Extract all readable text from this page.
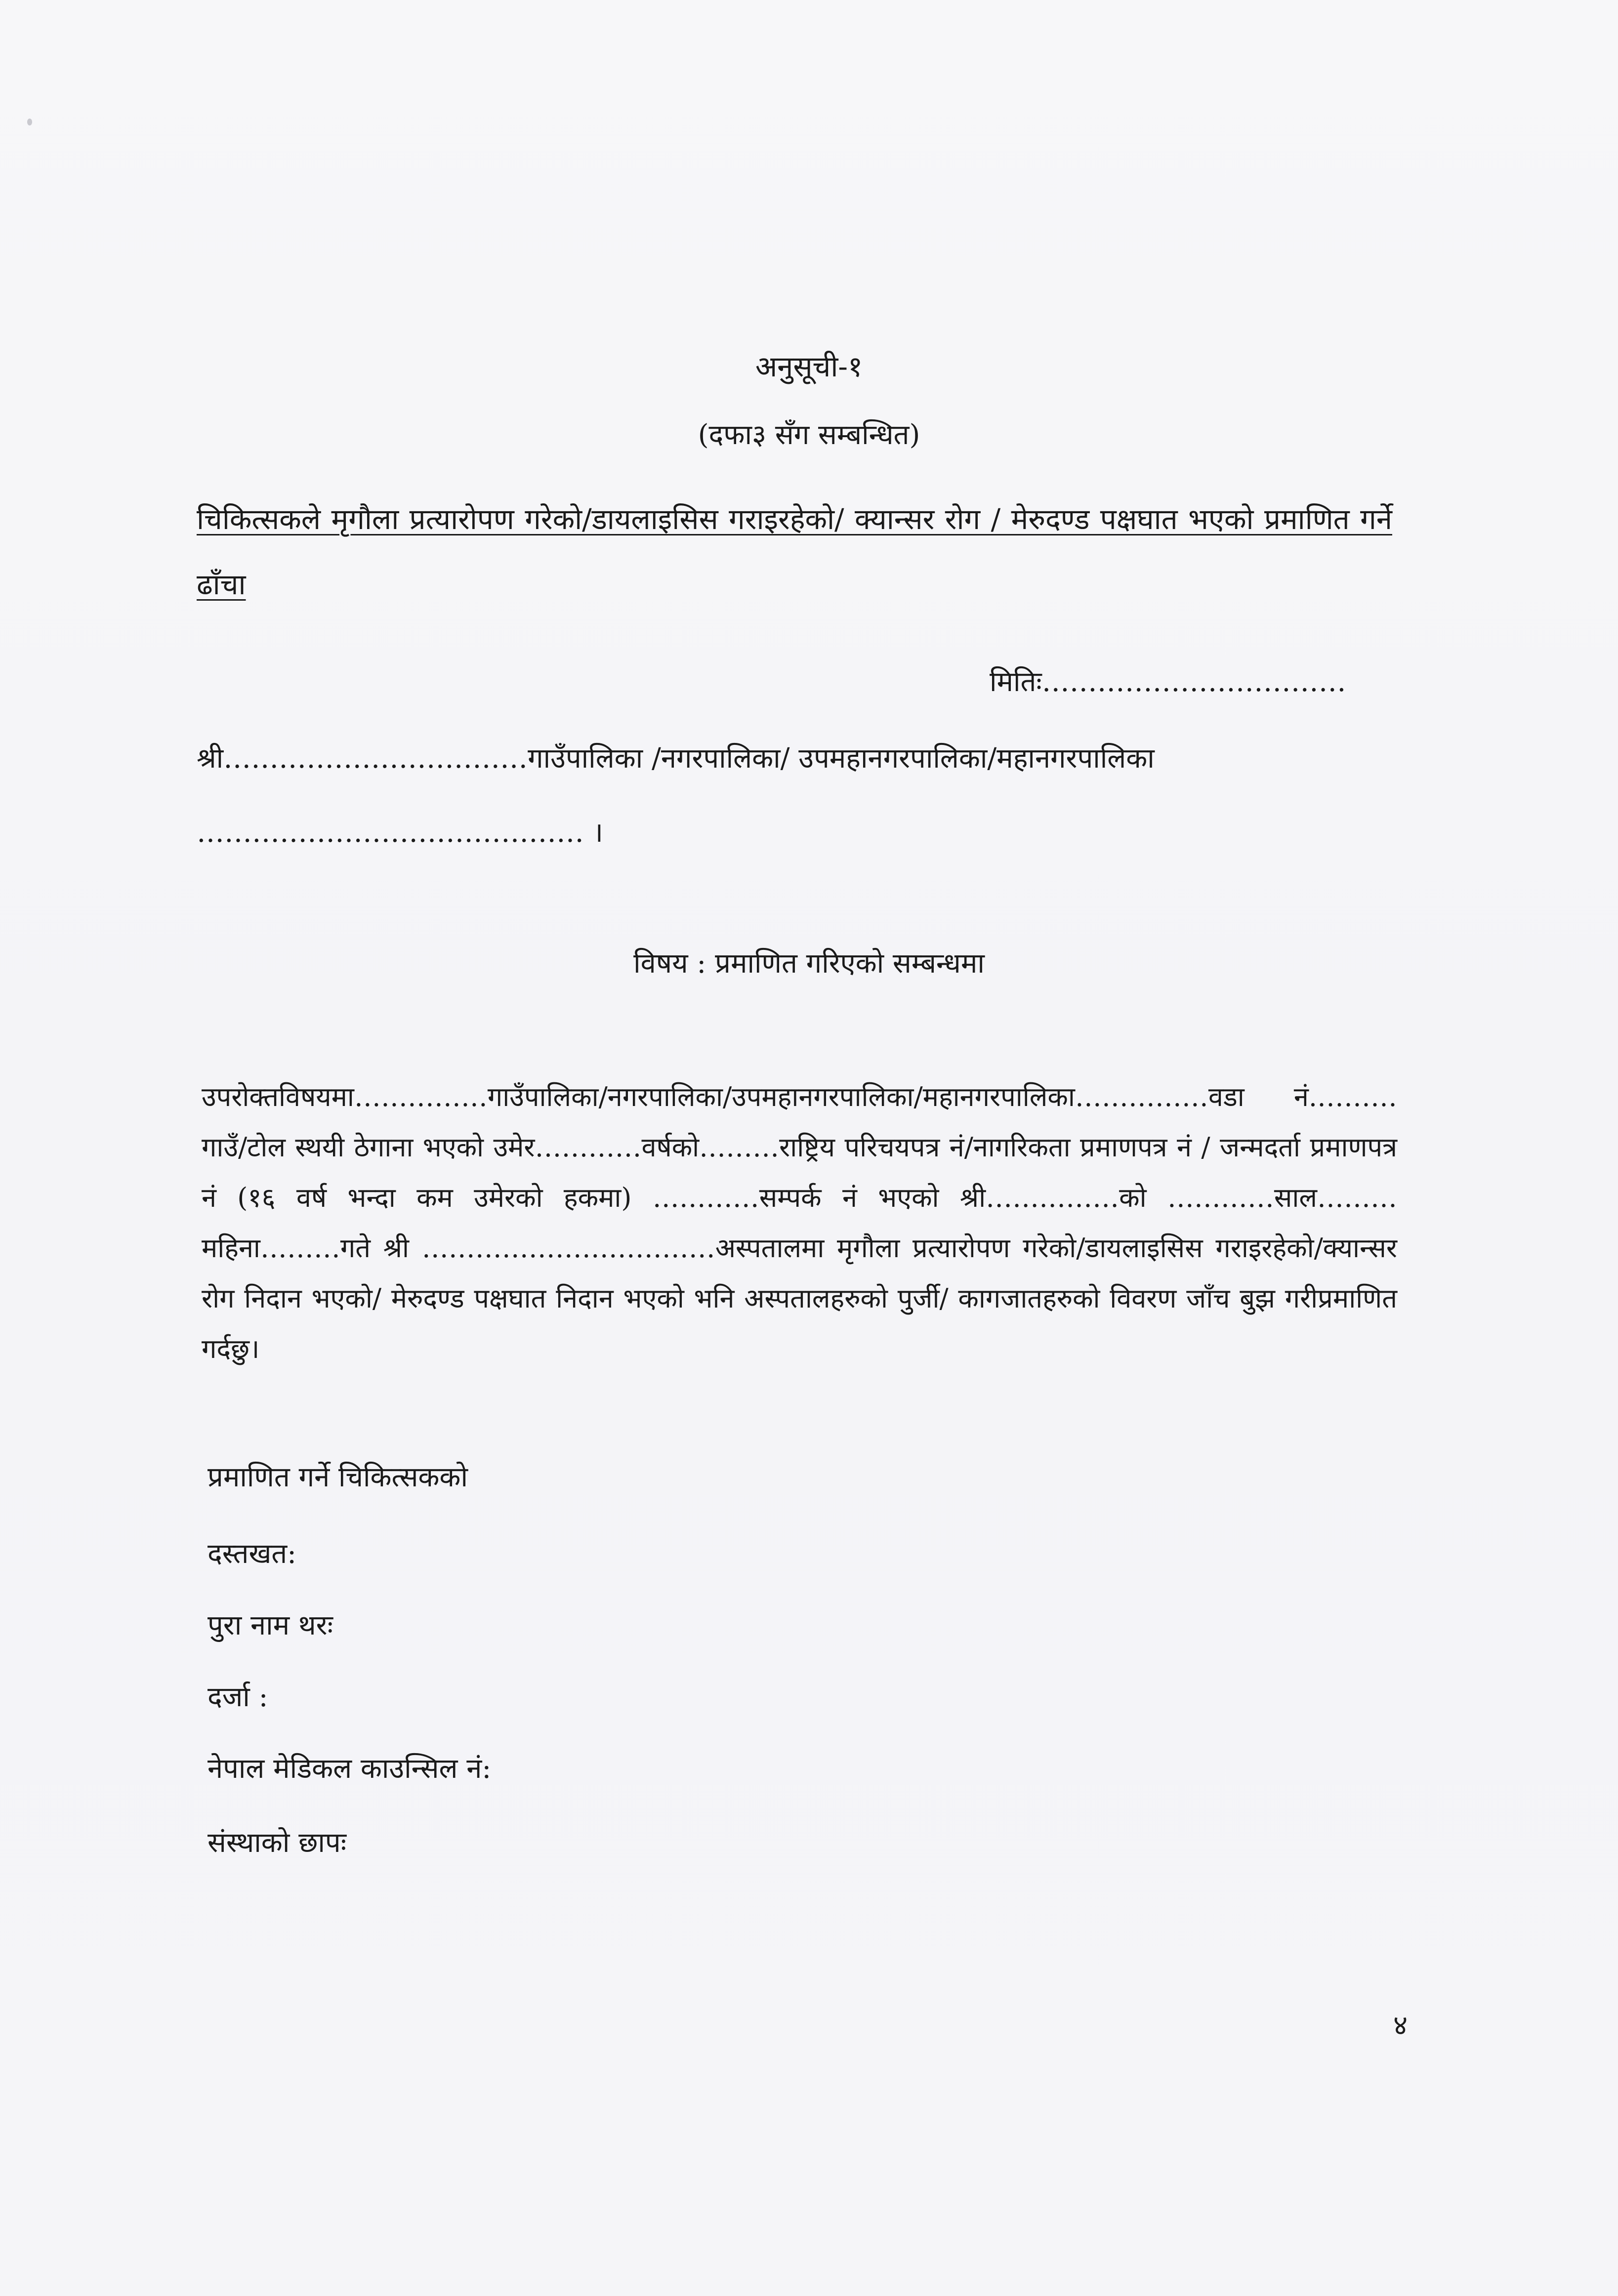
अनुसूची-१
(दफा३ सँग सम्बन्धित)
चिकित्सकले मृगौला प्रत्यारोपण गरेको/डायलाइसिस गराइरहेको/ क्यान्सर रोग / मेरुदण्ड पक्षघात भएको प्रमाणित गर्ने ढाँचा
मितिः……………………………
श्री……………………………गाउँपालिका /नगरपालिका/ उपमहानगरपालिका/महानगरपालिका
…………………………………… ।
विषय : प्रमाणित गरिएको सम्बन्धमा
उपरोक्तविषयमा……………गाउँपालिका/नगरपालिका/उपमहानगरपालिका/महानगरपालिका……………वडा नं.………गाउँ/टोल स्थयी ठेगाना भएको उमेर…………वर्षको………राष्ट्रिय परिचयपत्र नं/नागरिकता प्रमाणपत्र नं / जन्मदर्ता प्रमाणपत्र नं (१६ वर्ष भन्दा कम उमेरको हकमा) …………सम्पर्क नं भएको श्री……………को …………साल………महिना………गते श्री ……………………………अस्पतालमा मृगौला प्रत्यारोपण गरेको/डायलाइसिस गराइरहेको/क्यान्सर रोग निदान भएको/ मेरुदण्ड पक्षघात निदान भएको भनि अस्पतालहरुको पुर्जी/ कागजातहरुको विवरण जाँच बुझ गरीप्रमाणित गर्दछु।
प्रमाणित गर्ने चिकित्सकको
दस्तखत:
पुरा नाम थरः
दर्जा :
नेपाल मेडिकल काउन्सिल नं:
संस्थाको छापः
४
